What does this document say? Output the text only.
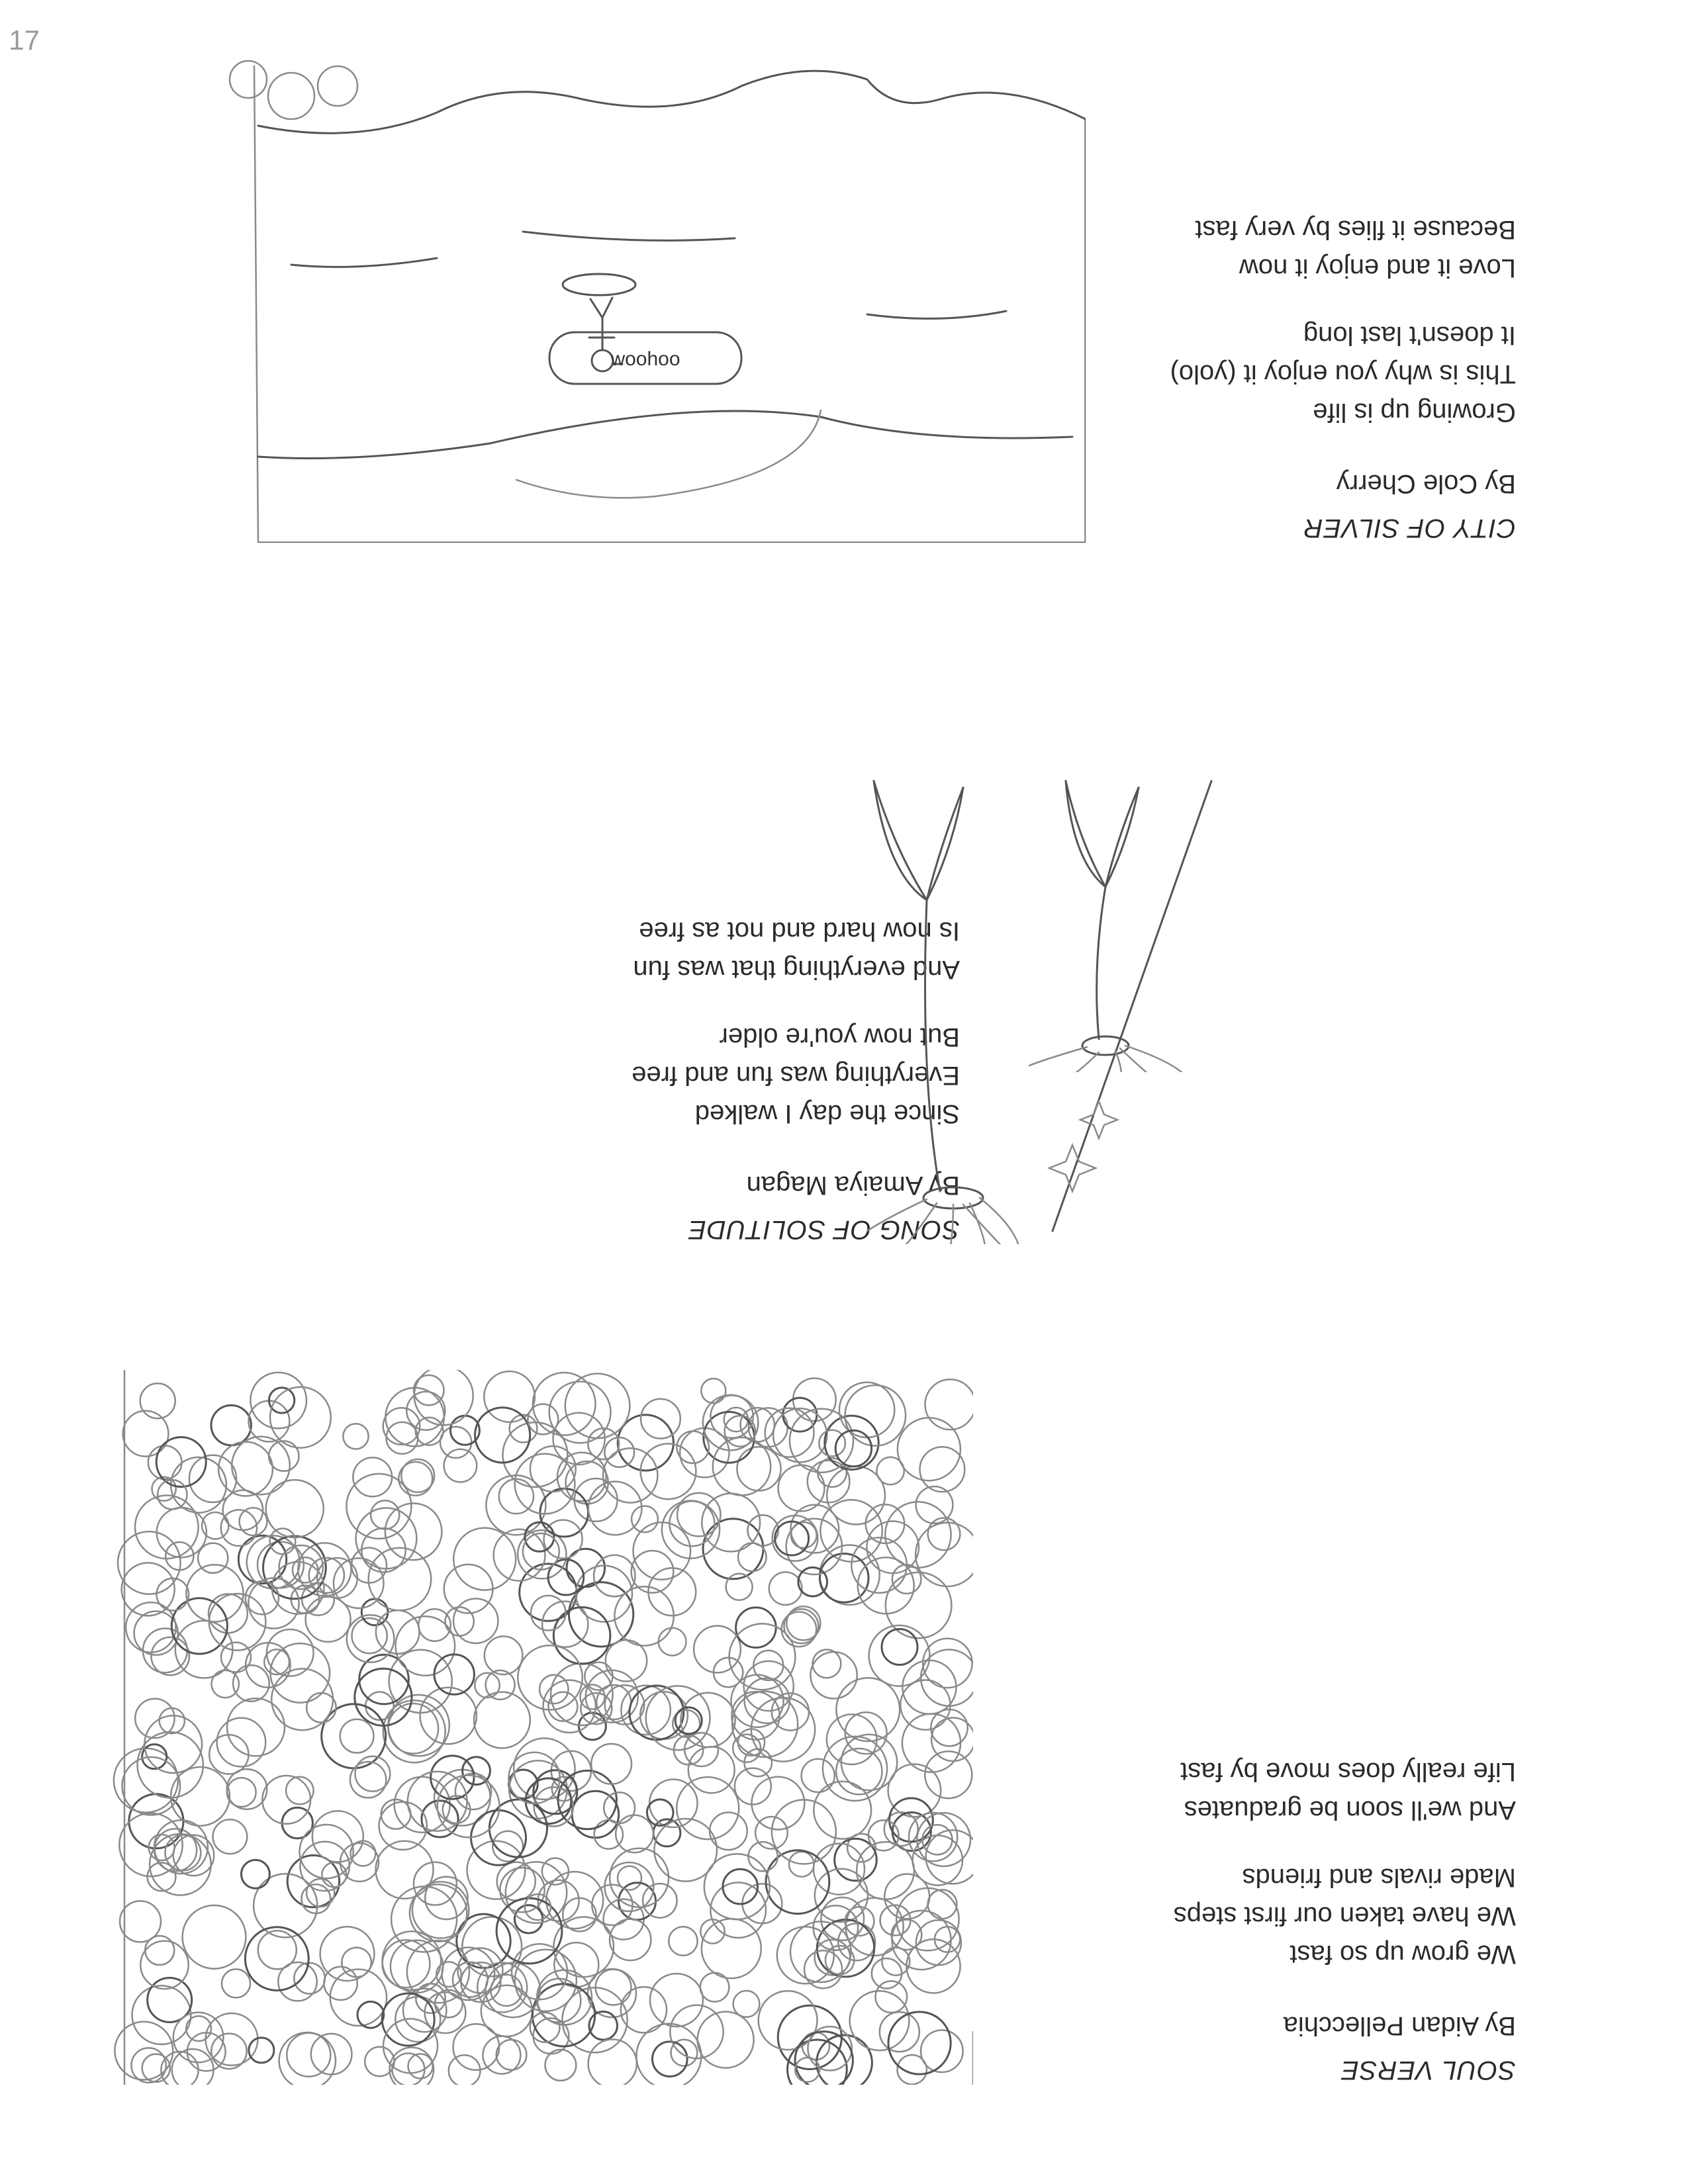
SOUL VERSE
By Aidan Pellecchia
We grow up so fast
We have taken our first steps
Made rivals and friends
And we'll soon be graduates
Life really does move by fast
SONG OF SOLITUDE
By Amaiya Magan
Since the day I walked
Everything was fun and free
But now you're older
And everything that was fun
Is now hard and not as free
CITY OF SILVER
By Cole Cherry
Growing up is life
This is why you enjoy it (yolo)
It doesn't last long
Love it and enjoy it now
Because it flies by very fast
woohoo
17
